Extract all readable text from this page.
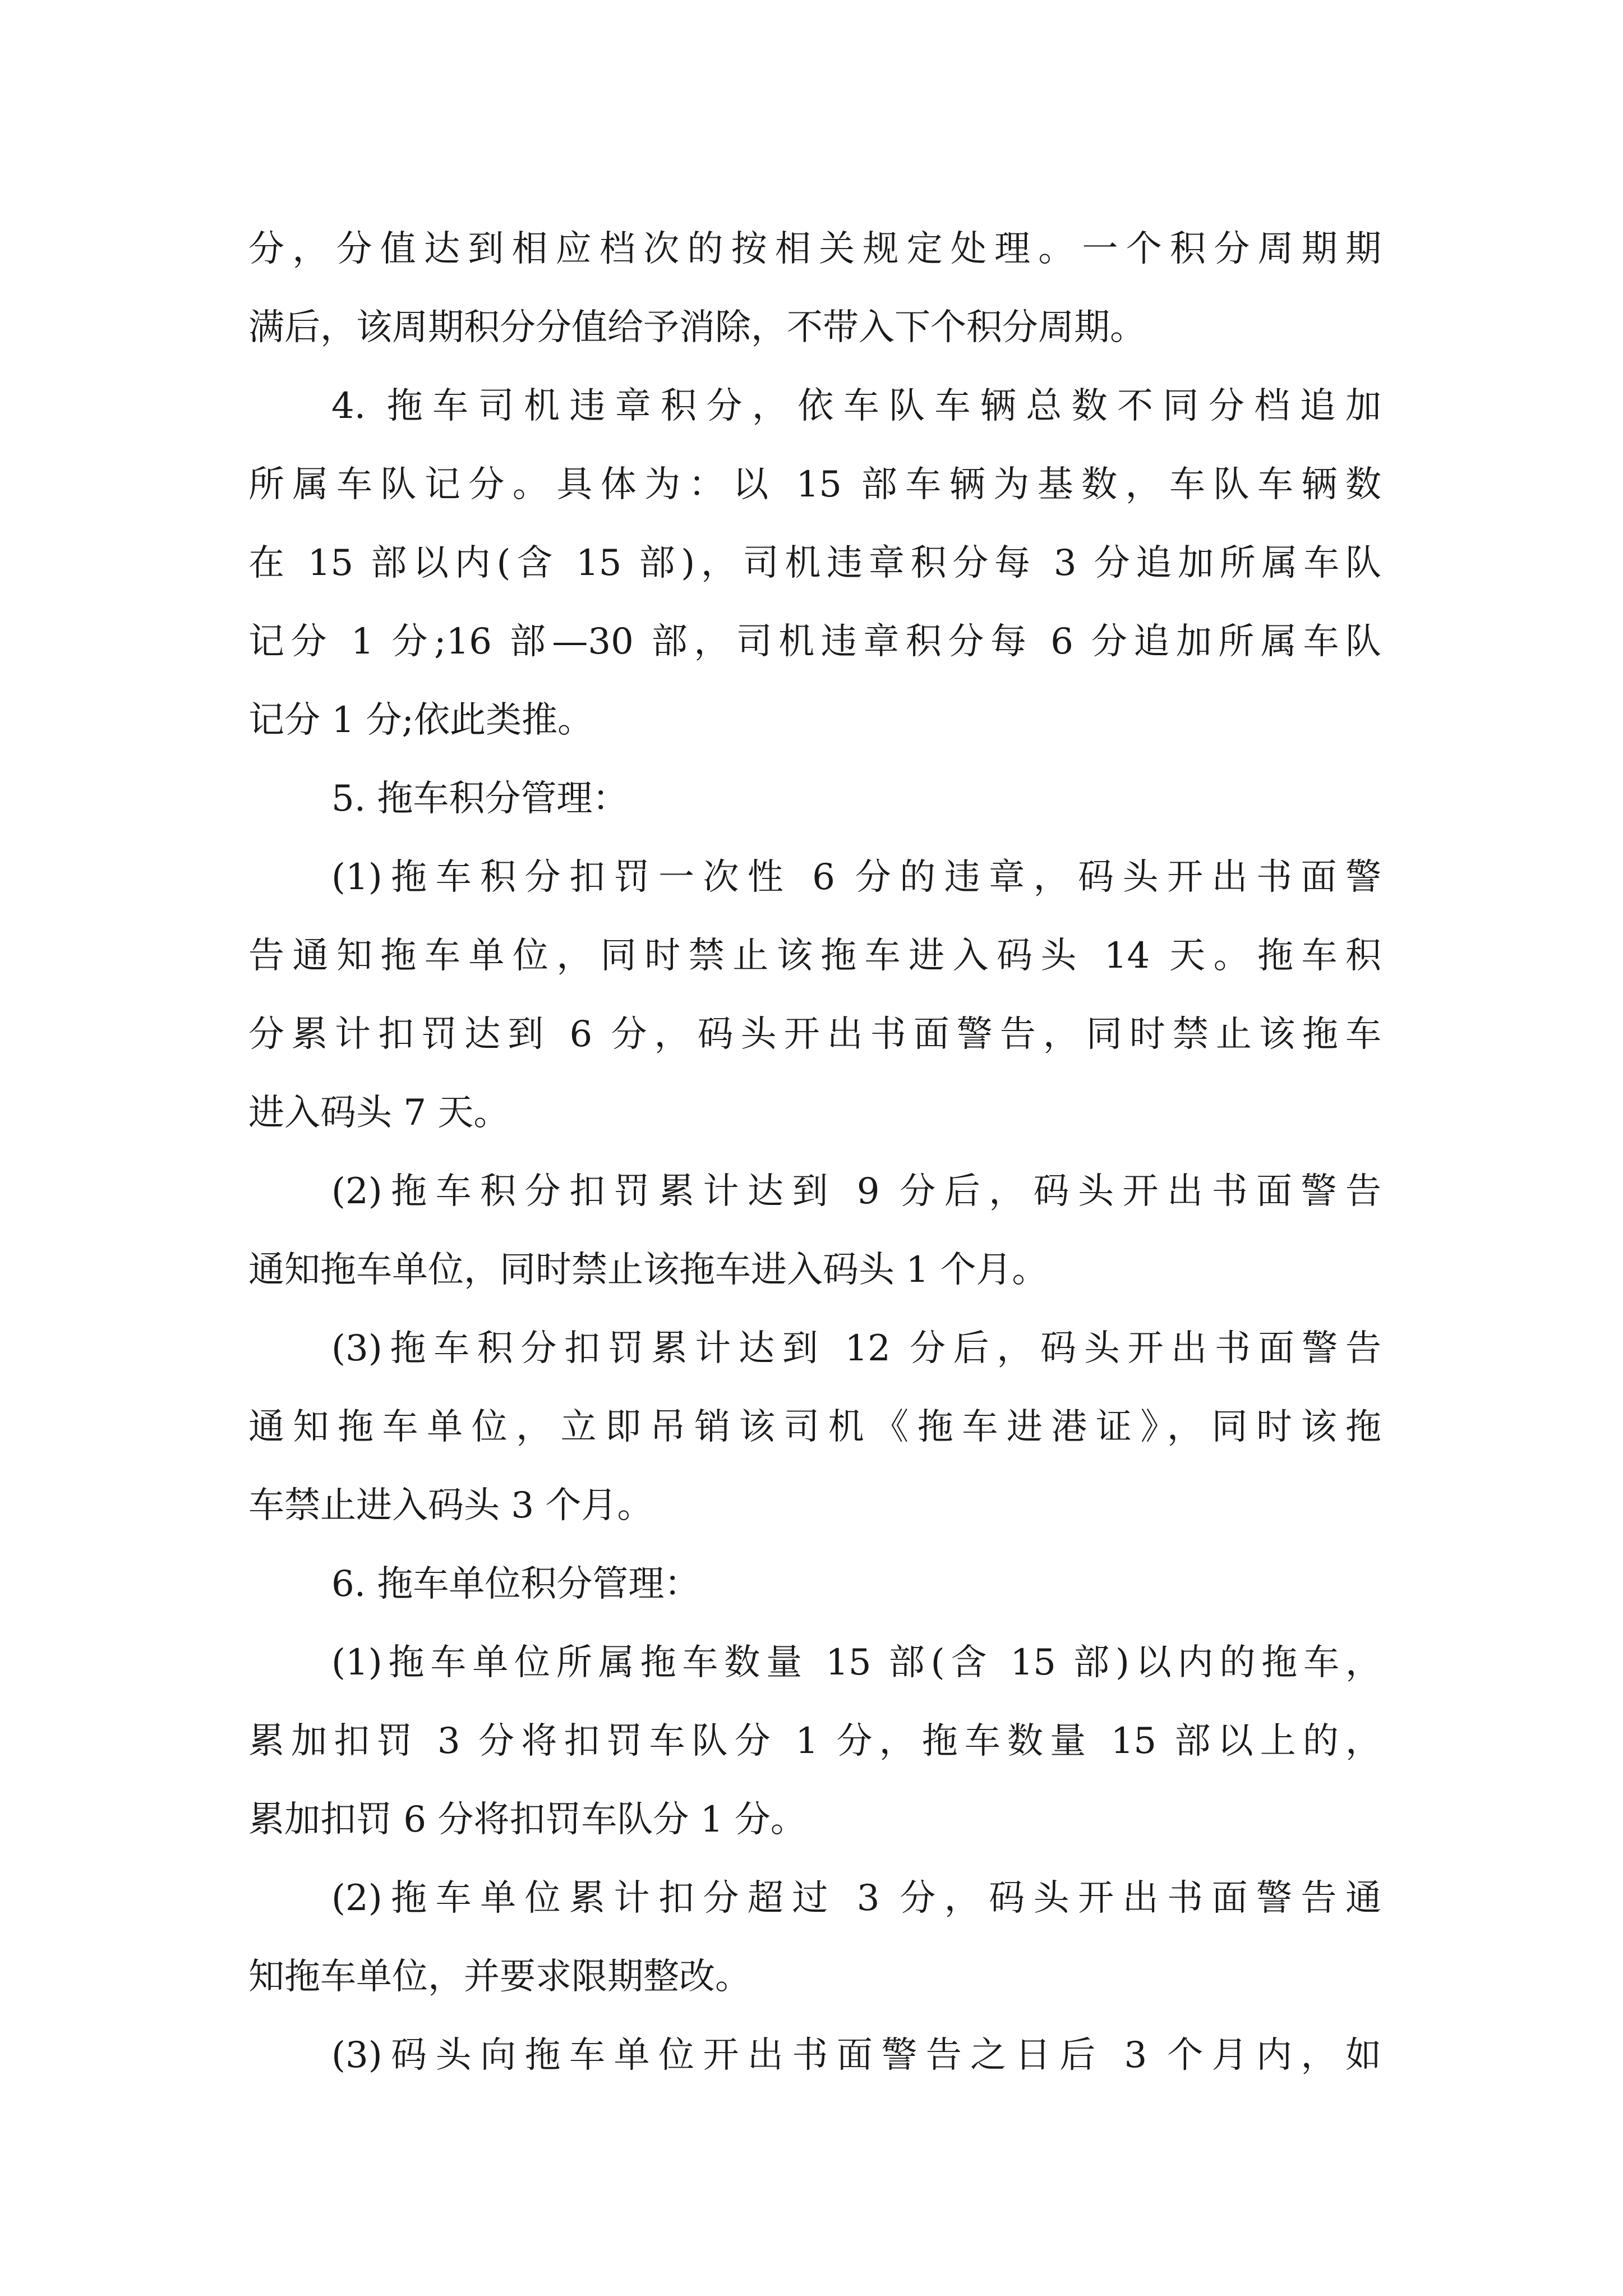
分，分值达到相应档次的按相关规定处理。一个积分周期期
满后，该周期积分分值给予消除，不带入下个积分周期。
4. 拖车司机违章积分，依车队车辆总数不同分档追加
所属车队记分。具体为：以 15 部车辆为基数，车队车辆数
在 15 部以内(含 15 部)，司机违章积分每 3 分追加所属车队
记分 1 分;16 部—30 部，司机违章积分每 6 分追加所属车队
记分 1 分;依此类推。
5. 拖车积分管理：
(1)拖车积分扣罚一次性 6 分的违章，码头开出书面警
告通知拖车单位，同时禁止该拖车进入码头 14 天。拖车积
分累计扣罚达到 6 分，码头开出书面警告，同时禁止该拖车
进入码头 7 天。
(2)拖车积分扣罚累计达到 9 分后，码头开出书面警告
通知拖车单位，同时禁止该拖车进入码头 1 个月。
(3)拖车积分扣罚累计达到 12 分后，码头开出书面警告
通知拖车单位，立即吊销该司机《拖车进港证》，同时该拖
车禁止进入码头 3 个月。
6. 拖车单位积分管理：
(1)拖车单位所属拖车数量 15 部(含 15 部)以内的拖车，
累加扣罚 3 分将扣罚车队分 1 分，拖车数量 15 部以上的，
累加扣罚 6 分将扣罚车队分 1 分。
(2)拖车单位累计扣分超过 3 分，码头开出书面警告通
知拖车单位，并要求限期整改。
(3)码头向拖车单位开出书面警告之日后 3 个月内，如
